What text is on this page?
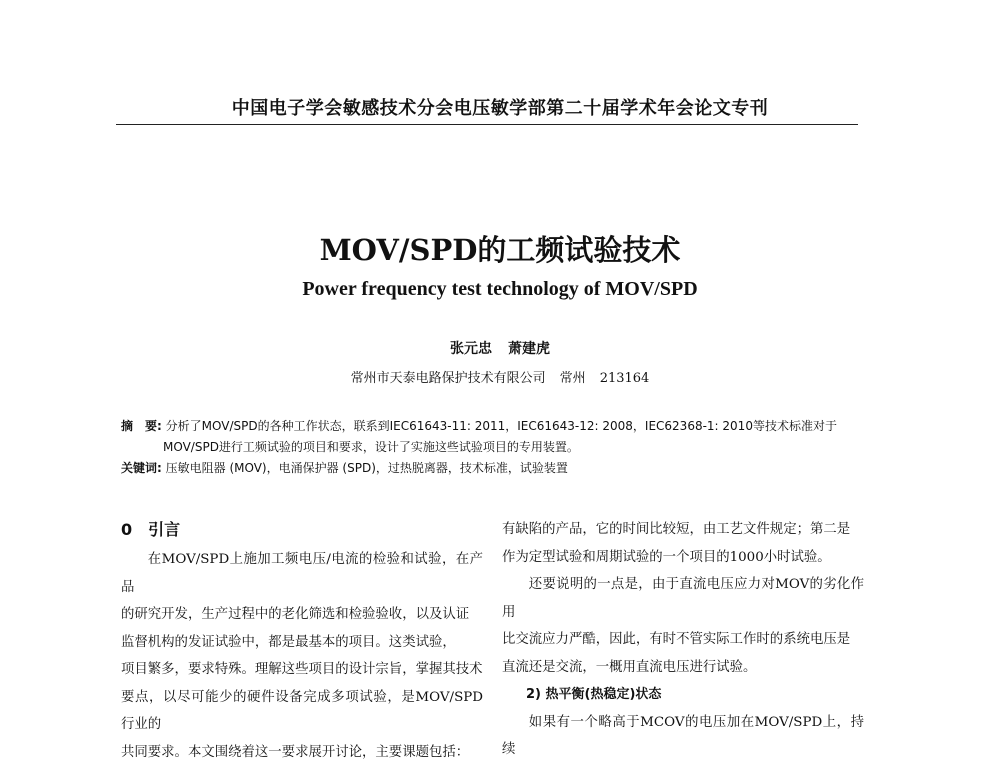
中国电子学会敏感技术分会电压敏学部第二十届学术年会论文专刊
MOV/SPD的工频试验技术
Power frequency test technology of MOV/SPD
张元忠 萧建虎
常州市天泰电路保护技术有限公司 常州 213164
摘　要: 分析了MOV/SPD的各种工作状态，联系到IEC61643-11: 2011，IEC61643-12: 2008，IEC62368-1: 2010等技术标准对于
MOV/SPD进行工频试验的项目和要求，设计了实施这些试验项目的专用装置。
关键词: 压敏电阻器 (MOV)，电涌保护器 (SPD)，过热脱离器，技术标准，试验装置
0　引言
在MOV/SPD上施加工频电压/电流的检验和试验，在产品
的研究开发，生产过程中的老化筛选和检验验收，以及认证
监督机构的发证试验中，都是最基本的项目。这类试验，
项目繁多，要求特殊。理解这些项目的设计宗旨，掌握其技术
要点，以尽可能少的硬件设备完成多项试验，是MOV/SPD行业的
共同要求。本文围绕着这一要求展开讨论，主要课题包括：
有缺陷的产品，它的时间比较短，由工艺文件规定；第二是
作为定型试验和周期试验的一个项目的1000小时试验。
还要说明的一点是，由于直流电压应力对MOV的劣化作用
比交流应力严酷，因此，有时不管实际工作时的系统电压是
直流还是交流，一概用直流电压进行试验。
2) 热平衡(热稳定)状态
如果有一个略高于MCOV的电压加在MOV/SPD上，持续
